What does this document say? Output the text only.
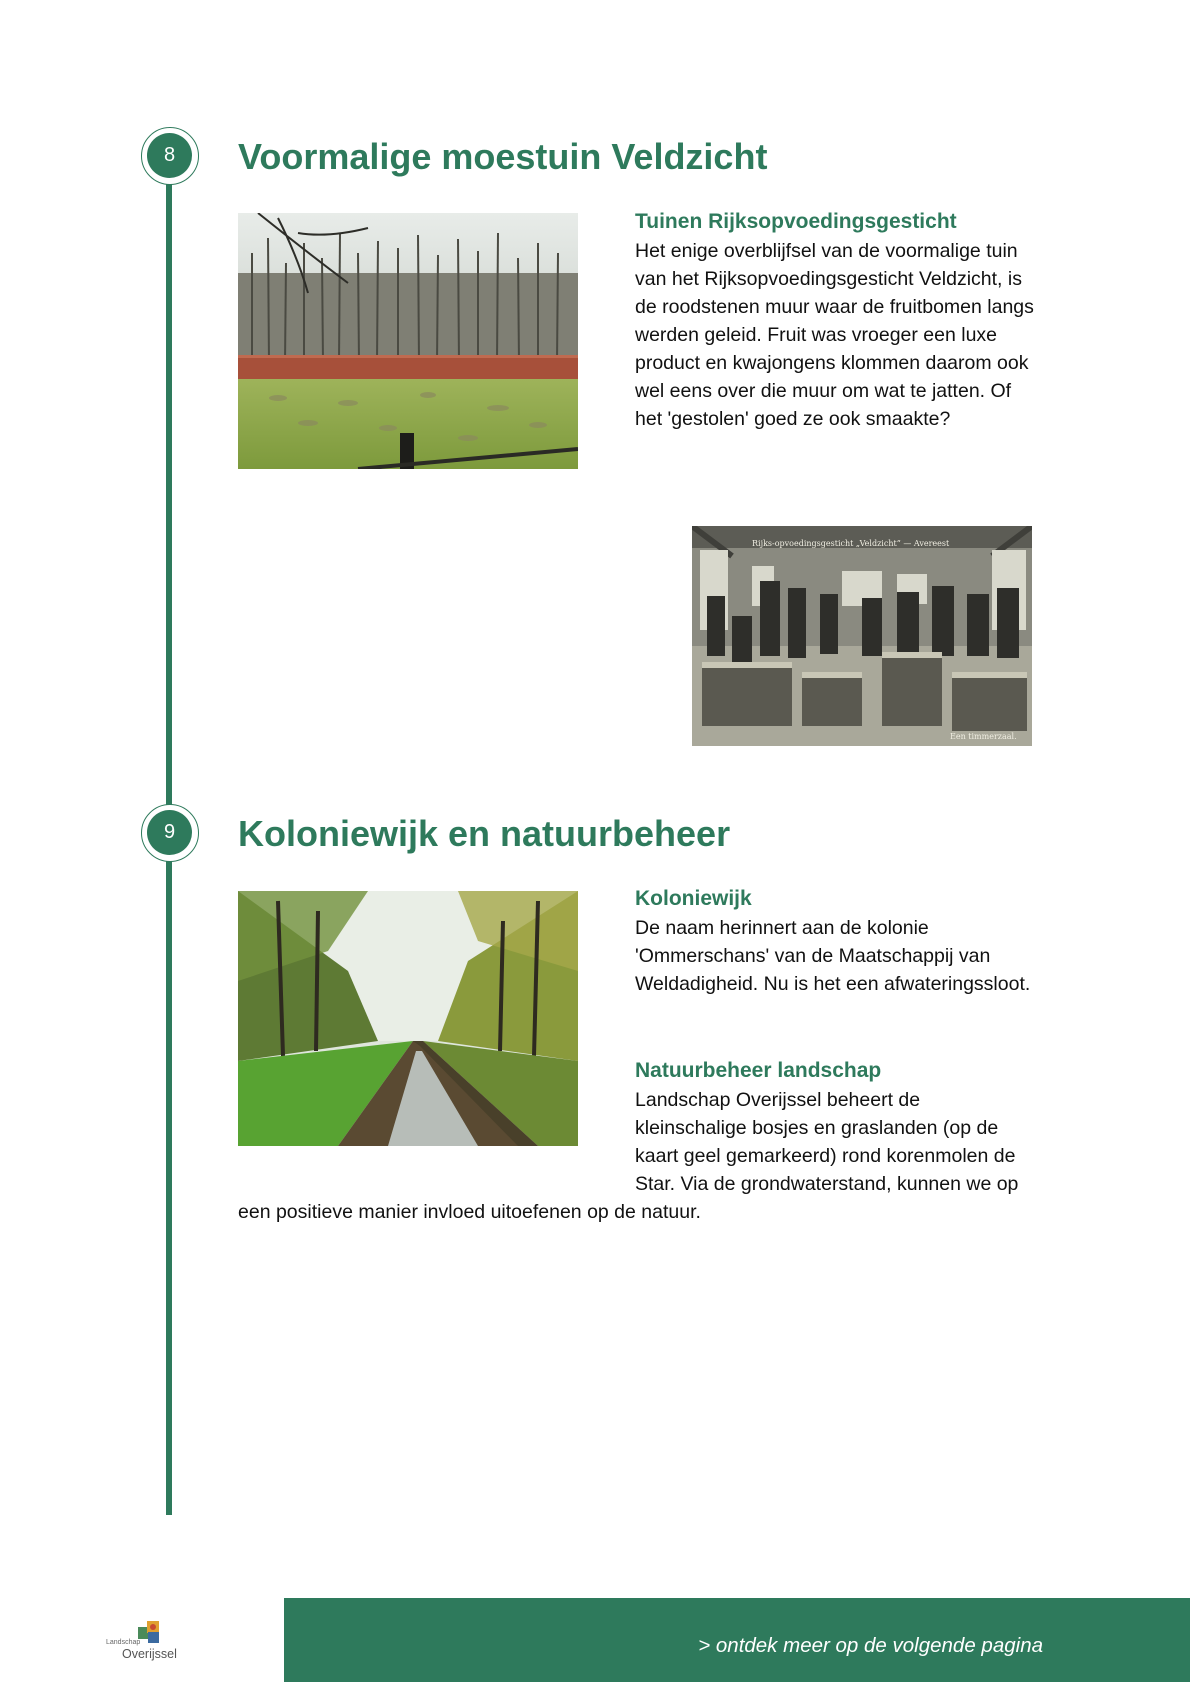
8	Voormalige moestuin Veldzicht
Tuinen Rijksopvoedingsgesticht

Het enige overblijfsel van de voormalige tuin van het Rijksopvoedingsgesticht Veldzicht, is de roodstenen muur waar de fruitbomen langs werden geleid. Fruit was vroeger een luxe product en kwajongens klommen daarom ook wel eens over die muur om wat te jatten. Of het 'gestolen' goed ze ook smaakte?

Rijks-opvoedingsgesticht „Veldzicht” — Avereest
Een timmerzaal.
9	Koloniewijk en natuurbeheer
Koloniewijk

De naam herinnert aan de kolonie 'Ommerschans' van de Maatschappij van Weldadigheid. Nu is het een afwateringssloot.

Natuurbeheer landschap
Landschap Overijssel beheert de
kleinschalige bosjes en graslanden (op de
kaart geel gemarkeerd) rond korenmolen de
Star. Via de grondwaterstand, kunnen we op
een positieve manier invloed uitoefenen op de natuur.
Landschap
Overijssel	> ontdek meer op de volgende pagina
